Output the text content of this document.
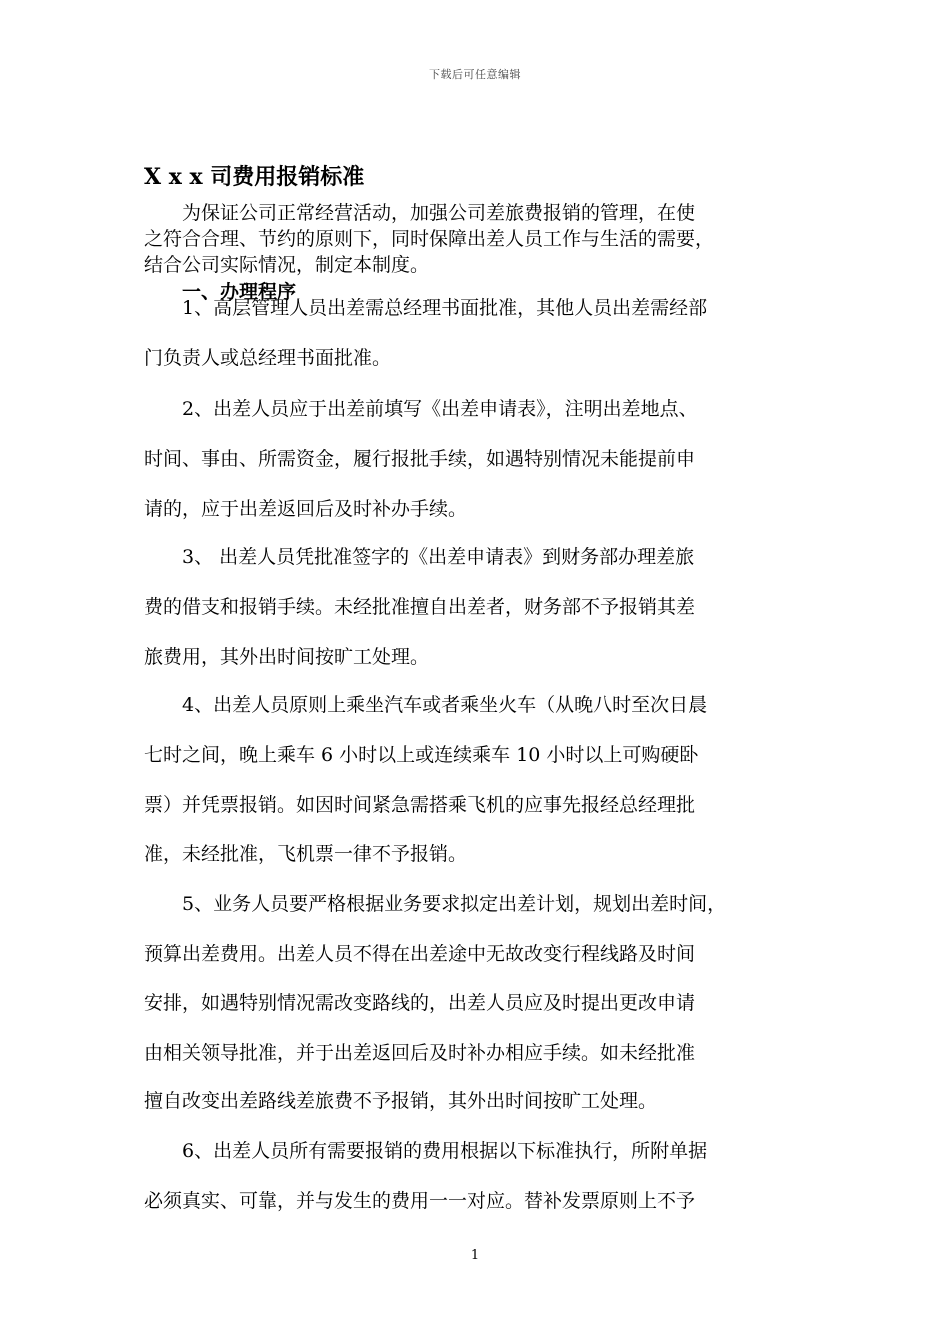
下载后可任意编辑
X x x 司费用报销标准
为保证公司正常经营活动，加强公司差旅费报销的管理，在使
之符合合理、节约的原则下，同时保障出差人员工作与生活的需要，
结合公司实际情况，制定本制度。
一、办理程序
1、高层管理人员出差需总经理书面批准，其他人员出差需经部
门负责人或总经理书面批准。
2、出差人员应于出差前填写《出差申请表》，注明出差地点、
时间、事由、所需资金，履行报批手续，如遇特别情况未能提前申
请的，应于出差返回后及时补办手续。
3、 出差人员凭批准签字的《出差申请表》到财务部办理差旅
费的借支和报销手续。未经批准擅自出差者，财务部不予报销其差
旅费用，其外出时间按旷工处理。
4、出差人员原则上乘坐汽车或者乘坐火车（从晚八时至次日晨
七时之间，晚上乘车 6 小时以上或连续乘车 10 小时以上可购硬卧
票）并凭票报销。如因时间紧急需搭乘飞机的应事先报经总经理批
准，未经批准，飞机票一律不予报销。
5、业务人员要严格根据业务要求拟定出差计划，规划出差时间，
预算出差费用。出差人员不得在出差途中无故改变行程线路及时间
安排，如遇特别情况需改变路线的，出差人员应及时提出更改申请
由相关领导批准，并于出差返回后及时补办相应手续。如未经批准
擅自改变出差路线差旅费不予报销，其外出时间按旷工处理。
6、出差人员所有需要报销的费用根据以下标准执行，所附单据
必须真实、可靠，并与发生的费用一一对应。替补发票原则上不予
1
